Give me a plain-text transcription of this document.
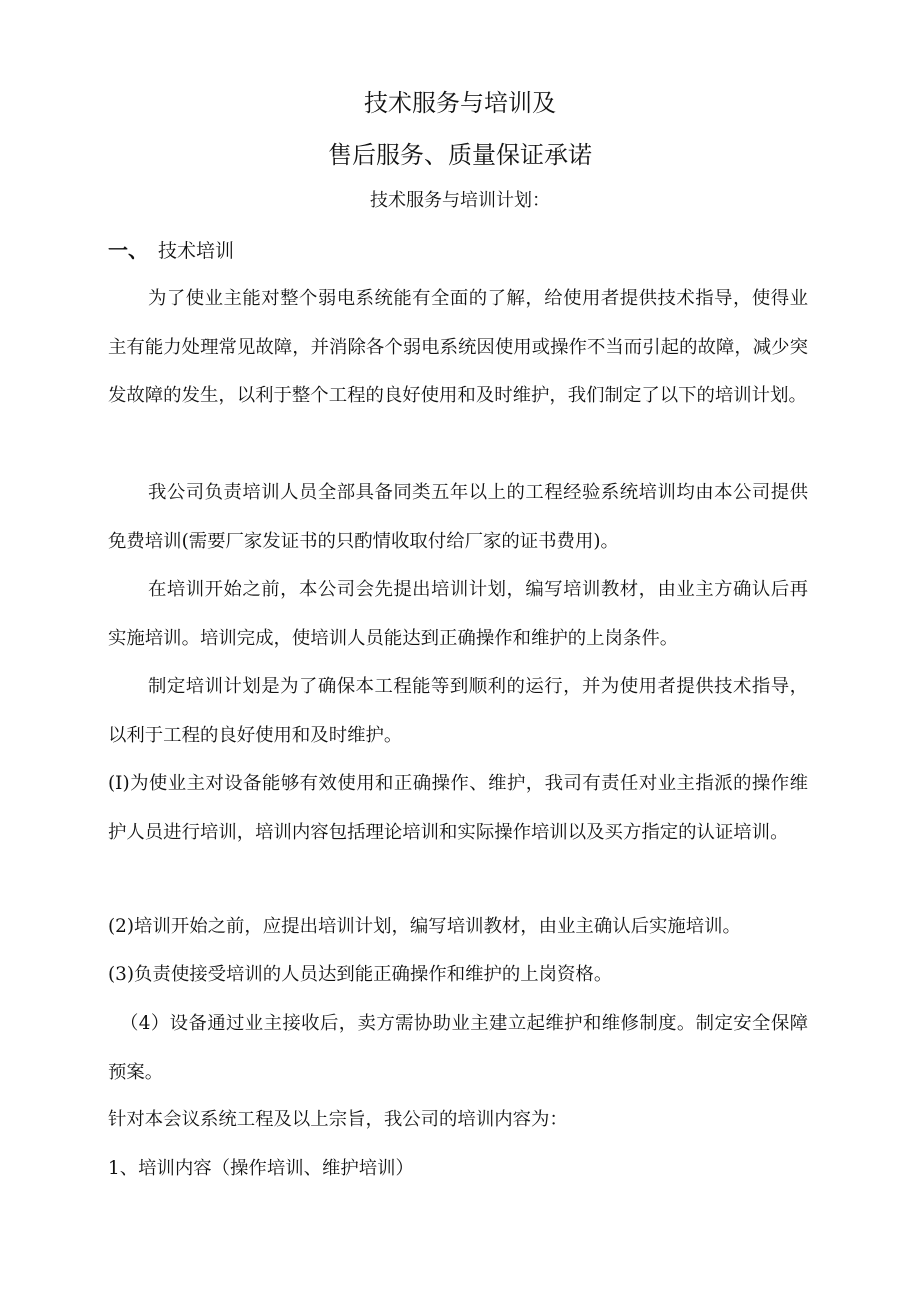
技术服务与培训及
售后服务、质量保证承诺
技术服务与培训计划：
一、 技术培训
为了使业主能对整个弱电系统能有全面的了解，给使用者提供技术指导，使得业主有能力处理常见故障，并消除各个弱电系统因使用或操作不当而引起的故障，减少突发故障的发生，以利于整个工程的良好使用和及时维护，我们制定了以下的培训计划。
我公司负责培训人员全部具备同类五年以上的工程经验系统培训均由本公司提供免费培训(需要厂家发证书的只酌情收取付给厂家的证书费用)。
在培训开始之前，本公司会先提出培训计划，编写培训教材，由业主方确认后再实施培训。培训完成，使培训人员能达到正确操作和维护的上岗条件。
制定培训计划是为了确保本工程能等到顺利的运行，并为使用者提供技术指导，以利于工程的良好使用和及时维护。
(I)为使业主对设备能够有效使用和正确操作、维护，我司有责任对业主指派的操作维护人员进行培训，培训内容包括理论培训和实际操作培训以及买方指定的认证培训。
(2)培训开始之前，应提出培训计划，编写培训教材，由业主确认后实施培训。
(3)负责使接受培训的人员达到能正确操作和维护的上岗资格。
（4）设备通过业主接收后，卖方需协助业主建立起维护和维修制度。制定安全保障预案。
针对本会议系统工程及以上宗旨，我公司的培训内容为：
1、培训内容（操作培训、维护培训）
